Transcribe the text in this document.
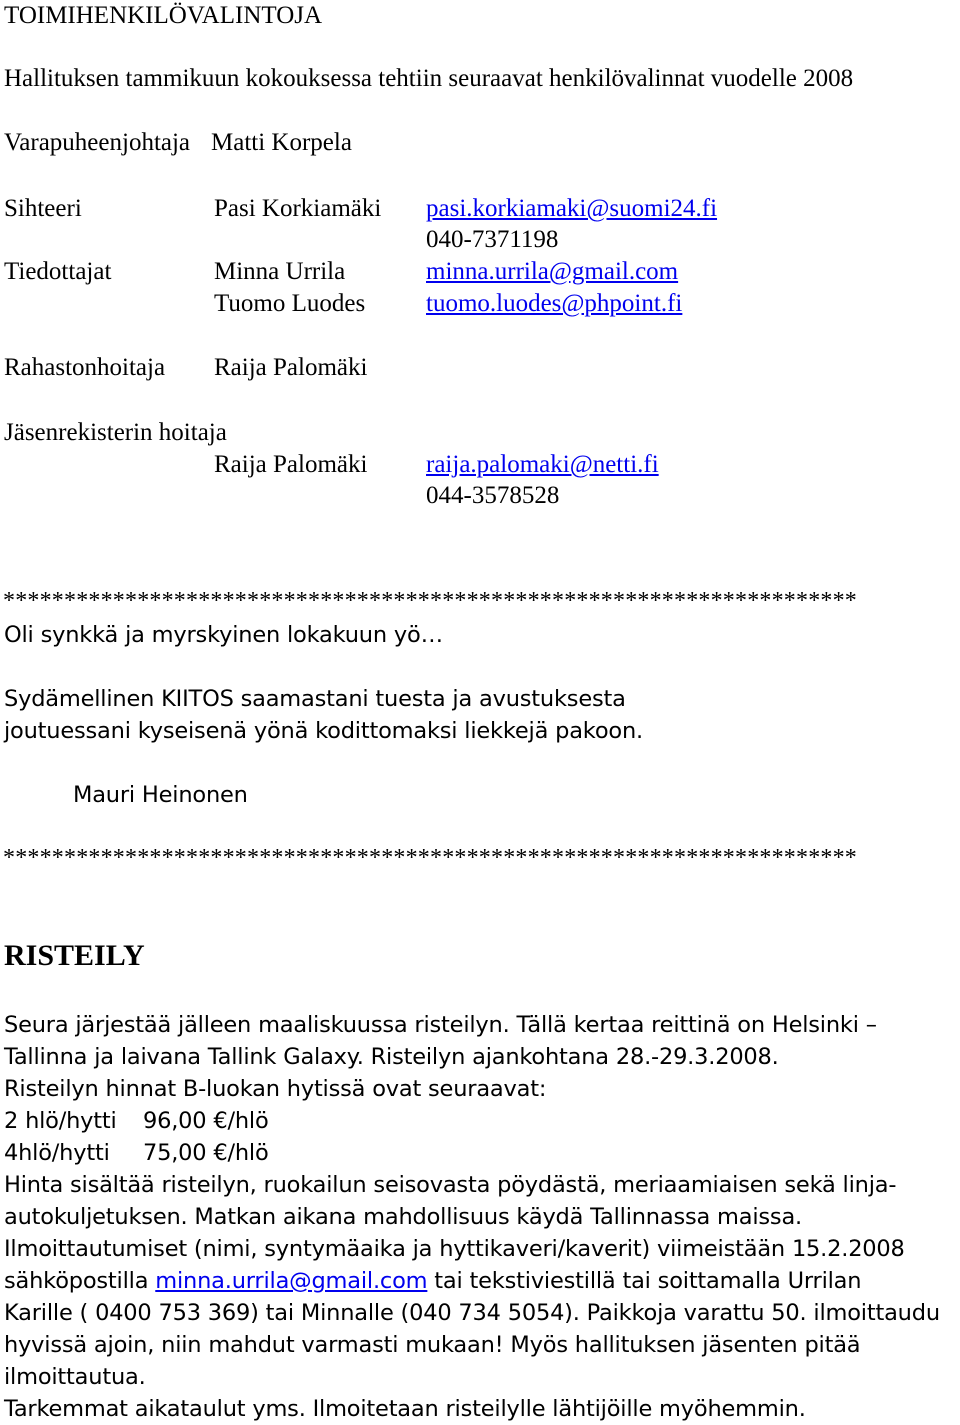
TOIMIHENKILÖVALINTOJA
Hallituksen tammikuun kokouksessa tehtiin seuraavat henkilövalinnat vuodelle 2008
Varapuheenjohtaja Matti Korpela
Sihteeri	Pasi Korkiamäki pasi.korkiamaki@suomi24.fi
040-7371198
Tiedottajat	Minna Urrila	minna.urrila@gmail.com
Tuomo Luodes tuomo.luodes@phpoint.fi
Rahastonhoitaja Raija Palomäki
Jäsenrekisterin hoitaja
Raija Palomäki raija.palomaki@netti.fi
044-3578528
**********************************************************************
Oli synkkä ja myrskyinen lokakuun yö…
Sydämellinen KIITOS saamastani tuesta ja avustuksesta
joutuessani kyseisenä yönä kodittomaksi liekkejä pakoon.
Mauri Heinonen
**********************************************************************
RISTEILY
Seura järjestää jälleen maaliskuussa risteilyn. Tällä kertaa reittinä on Helsinki –
Tallinna ja laivana Tallink Galaxy. Risteilyn ajankohtana 28.-29.3.2008.
Risteilyn hinnat B-luokan hytissä ovat seuraavat:
2 hlö/hytti 96,00 €/hlö
4hlö/hytti 75,00 €/hlö
Hinta sisältää risteilyn, ruokailun seisovasta pöydästä, meriaamiaisen sekä linja-
autokuljetuksen. Matkan aikana mahdollisuus käydä Tallinnassa maissa.
Ilmoittautumiset (nimi, syntymäaika ja hyttikaveri/kaverit) viimeistään 15.2.2008
sähköpostilla minna.urrila@gmail.com tai tekstiviestillä tai soittamalla Urrilan
Karille ( 0400 753 369) tai Minnalle (040 734 5054). Paikkoja varattu 50. ilmoittaudu
hyvissä ajoin, niin mahdut varmasti mukaan! Myös hallituksen jäsenten pitää
ilmoittautua.
Tarkemmat aikataulut yms. Ilmoitetaan risteilylle lähtijöille myöhemmin.
